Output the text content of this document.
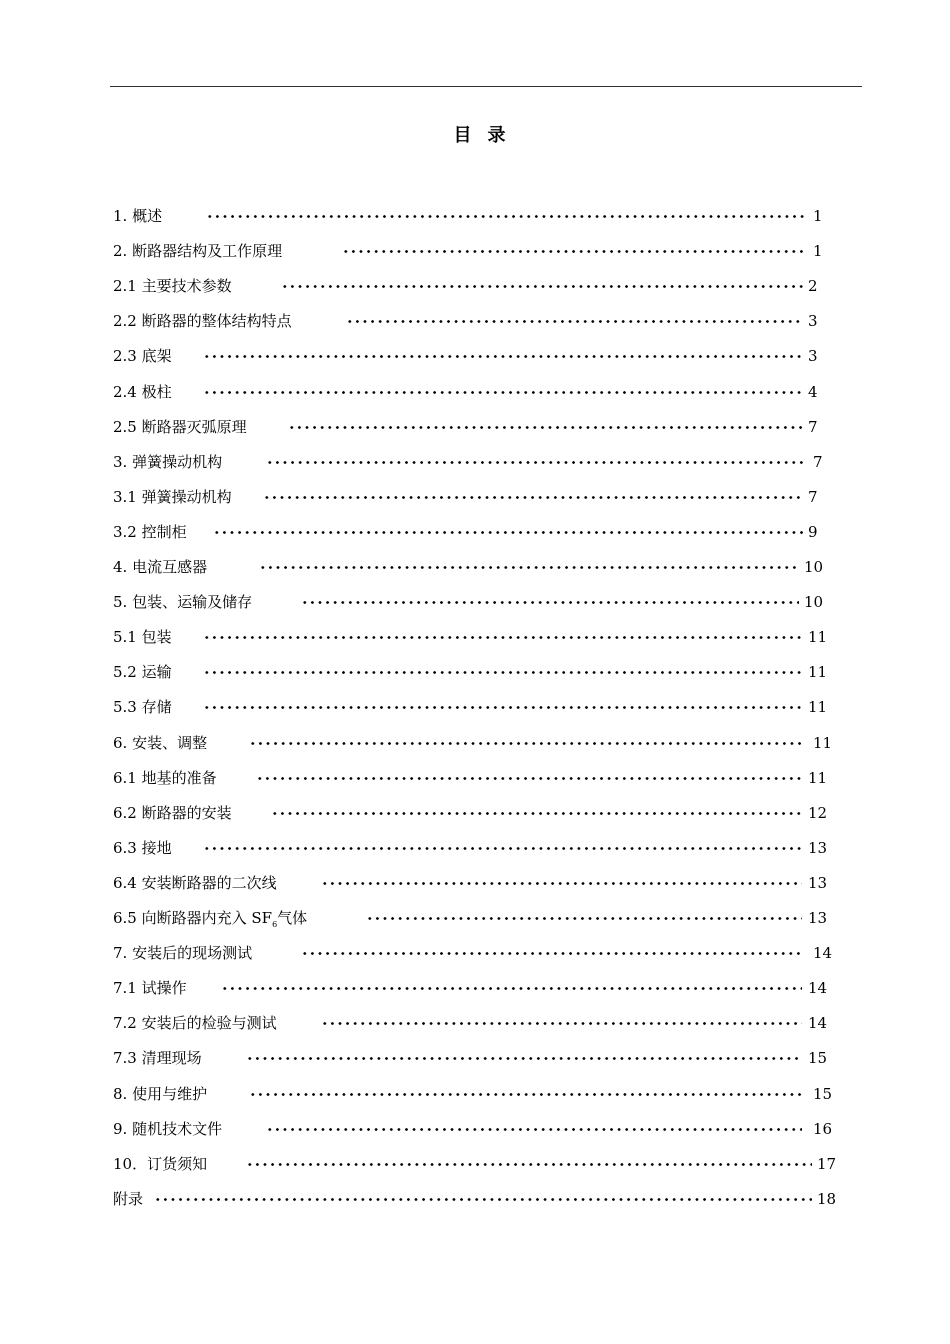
目录
1. 概述	1
2. 断路器结构及工作原理	1
2.1 主要技术参数	2
2.2 断路器的整体结构特点	3
2.3 底架	3
2.4 极柱	4
2.5 断路器灭弧原理	7
3. 弹簧操动机构	7
3.1 弹簧操动机构	7
3.2 控制柜	9
4. 电流互感器	10
5. 包装、运输及储存	10
5.1 包装	11
5.2 运输	11
5.3 存储	11
6. 安装、调整	11
6.1 地基的准备	11
6.2 断路器的安装	12
6.3 接地	13
6.4 安装断路器的二次线	13
6.5 向断路器内充入 $SF_6$气体	13
7. 安装后的现场测试	14
7.1 试操作	14
7.2 安装后的检验与测试	14
7.3 清理现场	15
8. 使用与维护	15
9. 随机技术文件	16
10．订货须知	17
附录	18
